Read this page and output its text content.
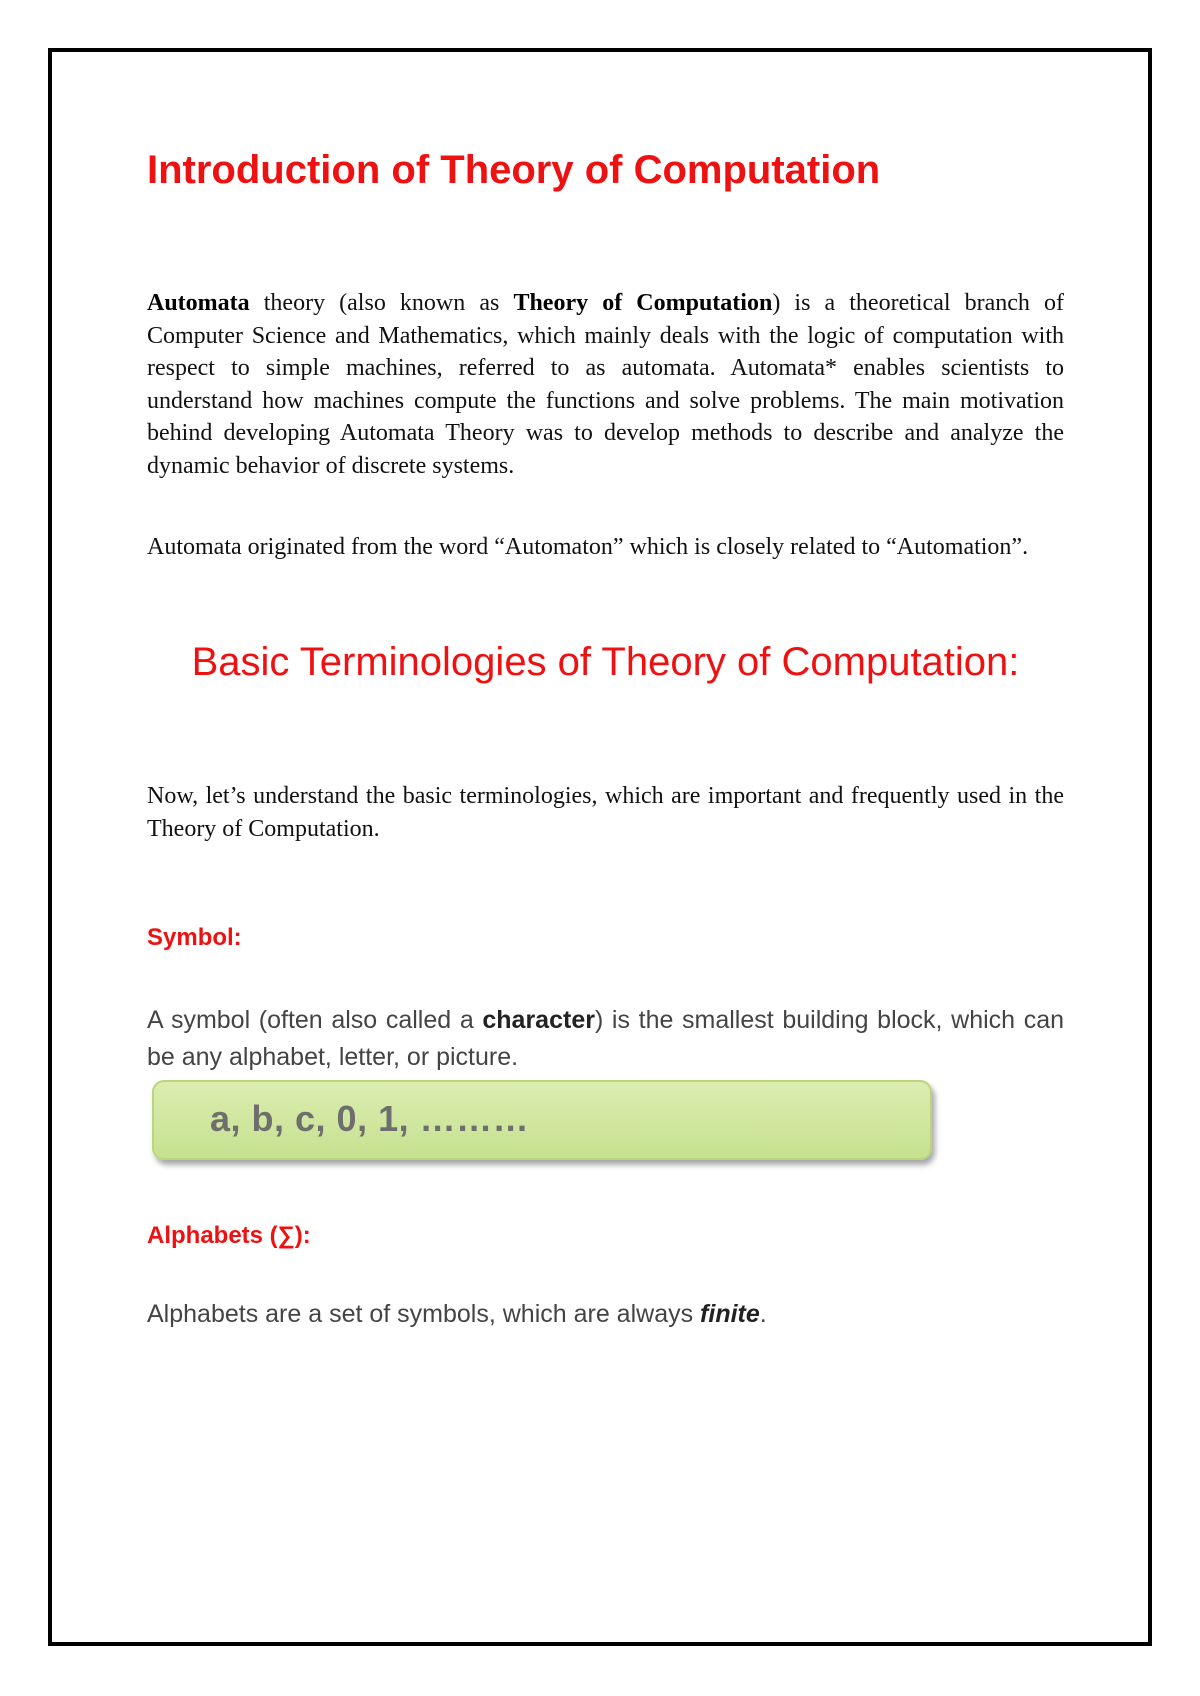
Introduction of Theory of Computation

Automata theory (also known as Theory of Computation) is a theoretical branch of Computer Science and Mathematics, which mainly deals with the logic of computation with respect to simple machines, referred to as automata. Automata* enables scientists to understand how machines compute the functions and solve problems. The main motivation behind developing Automata Theory was to develop methods to describe and analyze the dynamic behavior of discrete systems.

Automata originated from the word “Automaton” which is closely related to “Automation”.

Basic Terminologies of Theory of Computation:

Now, let’s understand the basic terminologies, which are important and frequently used in the Theory of Computation.

Symbol:

A symbol (often also called a character) is the smallest building block, which can be any alphabet, letter, or picture.

a, b, c, 0, 1, ………
Alphabets (∑):

Alphabets are a set of symbols, which are always finite.
